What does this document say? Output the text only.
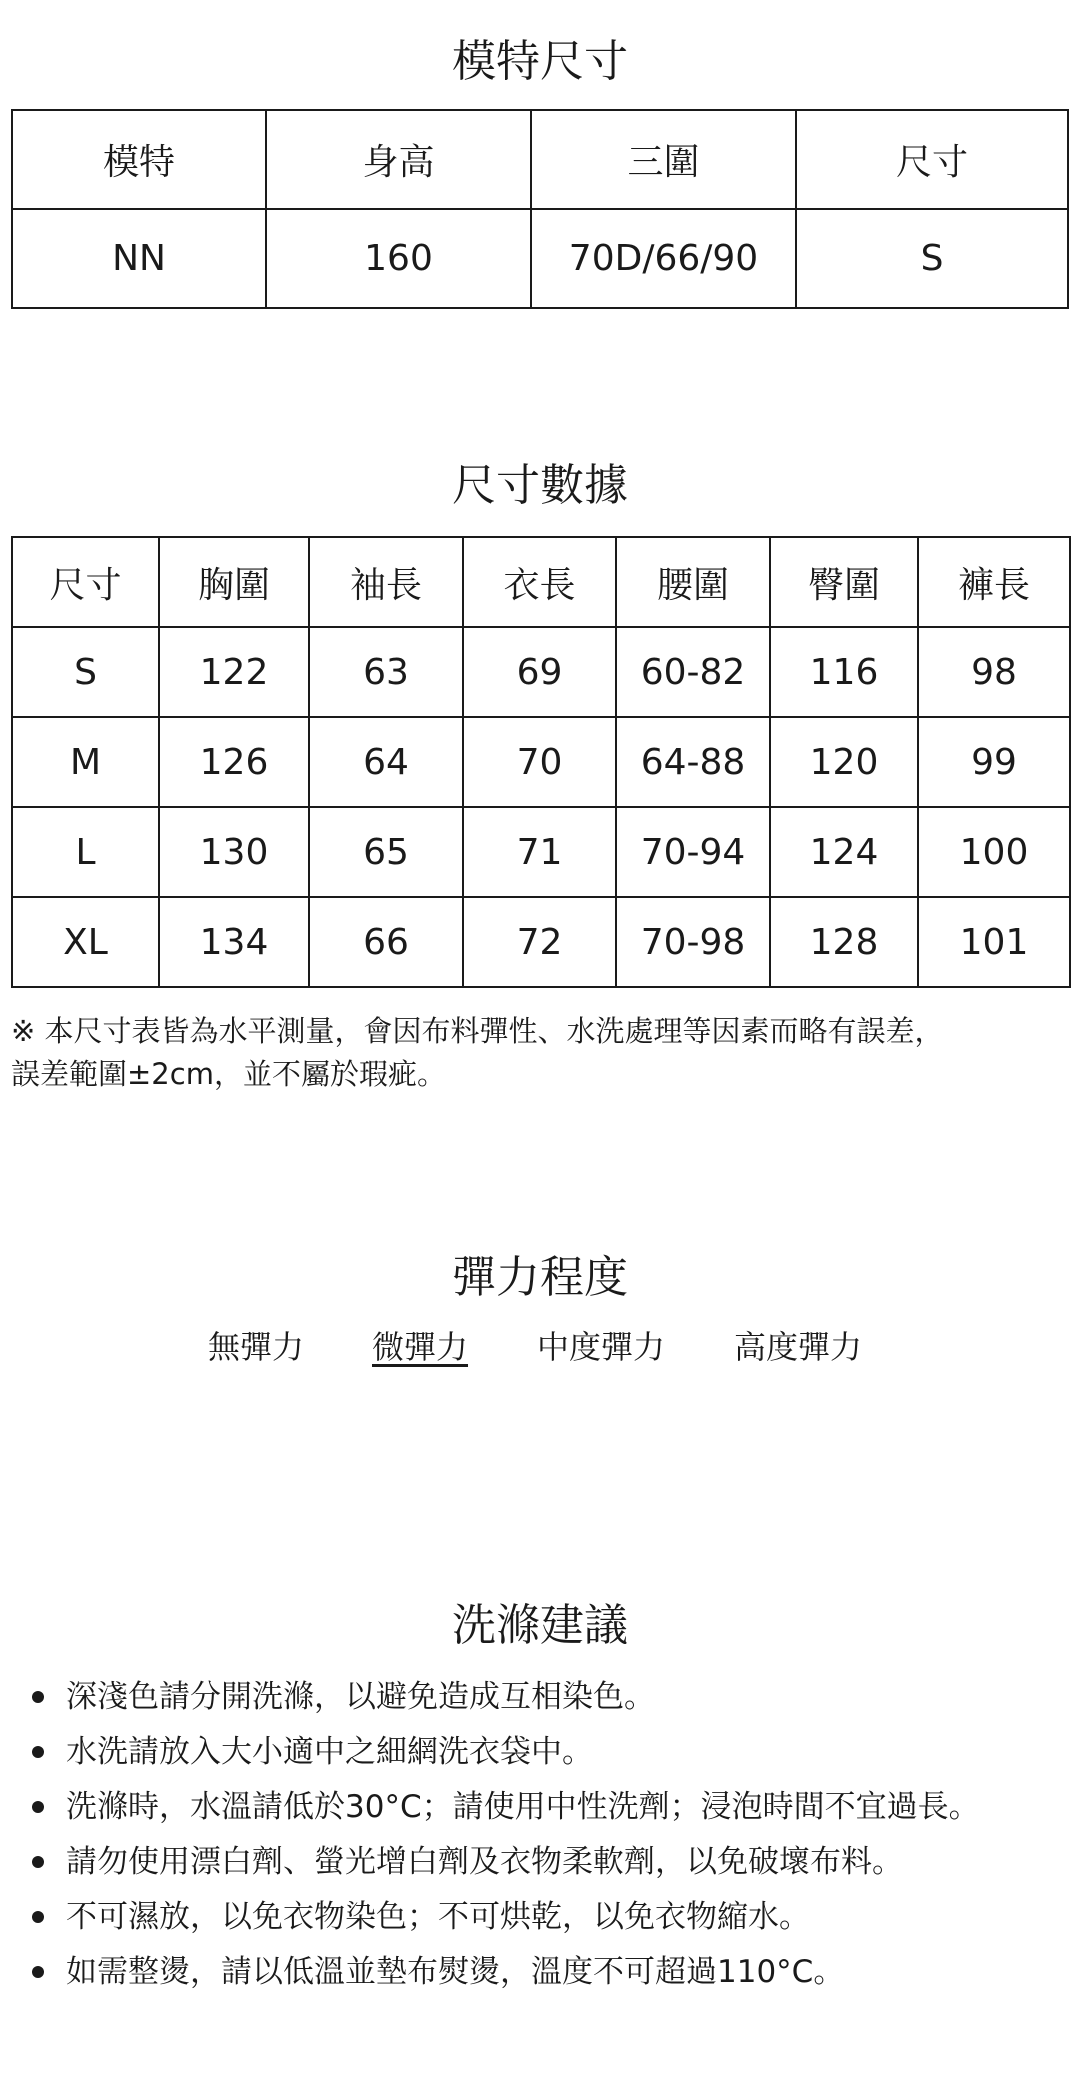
模特尺寸
模特	身高	三圍	尺寸
NN	160	70D/66/90	S
尺寸數據
尺寸	胸圍	袖長	衣長	腰圍	臀圍	褲長
S	122	63	69	60-82	116	98
M	126	64	70	64-88	120	99
L	130	65	71	70-94	124	100
XL	134	66	72	70-98	128	101

※ 本尺寸表皆為水平測量，會因布料彈性、水洗處理等因素而略有誤差，
誤差範圍±2cm，並不屬於瑕疵。

彈力程度
無彈力 微彈力 中度彈力 高度彈力
洗滌建議
深淺色請分開洗滌，以避免造成互相染色。
水洗請放入大小適中之細網洗衣袋中。
洗滌時，水溫請低於30°C；請使用中性洗劑；浸泡時間不宜過長。
請勿使用漂白劑、螢光增白劑及衣物柔軟劑，以免破壞布料。
不可濕放，以免衣物染色；不可烘乾，以免衣物縮水。
如需整燙，請以低溫並墊布熨燙，溫度不可超過110°C。
